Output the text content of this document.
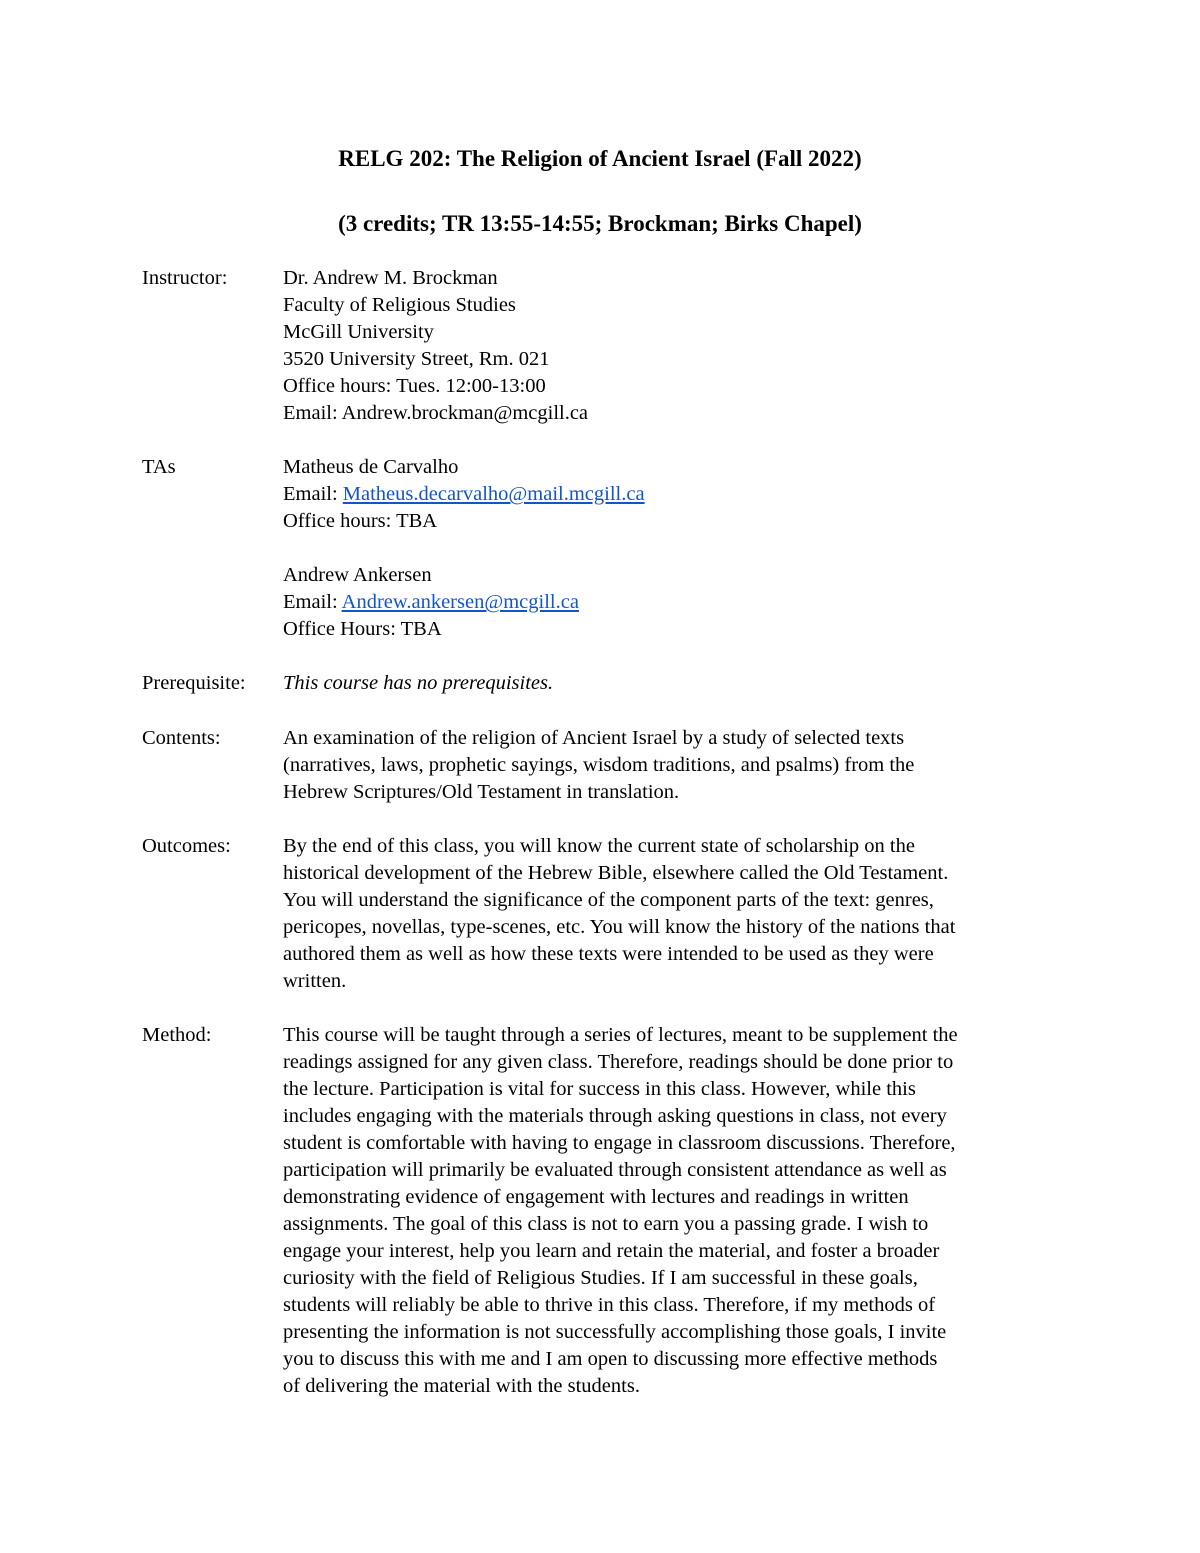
RELG 202: The Religion of Ancient Israel (Fall 2022)
(3 credits; TR 13:55-14:55; Brockman; Birks Chapel)
Instructor:	Dr. Andrew M. Brockman
Faculty of Religious Studies
McGill University
3520 University Street, Rm. 021
Office hours: Tues. 12:00-13:00
Email: Andrew.brockman@mcgill.ca
TAs	Matheus de Carvalho
Email: Matheus.decarvalho@mail.mcgill.ca
Office hours: TBA
Andrew Ankersen
Email: Andrew.ankersen@mcgill.ca
Office Hours: TBA
Prerequisite:	This course has no prerequisites.
Contents:	An examination of the religion of Ancient Israel by a study of selected texts
(narratives, laws, prophetic sayings, wisdom traditions, and psalms) from the
Hebrew Scriptures/Old Testament in translation.
Outcomes:	By the end of this class, you will know the current state of scholarship on the
historical development of the Hebrew Bible, elsewhere called the Old Testament.
You will understand the significance of the component parts of the text: genres,
pericopes, novellas, type-scenes, etc. You will know the history of the nations that
authored them as well as how these texts were intended to be used as they were
written.
Method:	This course will be taught through a series of lectures, meant to be supplement the
readings assigned for any given class. Therefore, readings should be done prior to
the lecture. Participation is vital for success in this class. However, while this
includes engaging with the materials through asking questions in class, not every
student is comfortable with having to engage in classroom discussions. Therefore,
participation will primarily be evaluated through consistent attendance as well as
demonstrating evidence of engagement with lectures and readings in written
assignments. The goal of this class is not to earn you a passing grade. I wish to
engage your interest, help you learn and retain the material, and foster a broader
curiosity with the field of Religious Studies. If I am successful in these goals,
students will reliably be able to thrive in this class. Therefore, if my methods of
presenting the information is not successfully accomplishing those goals, I invite
you to discuss this with me and I am open to discussing more effective methods
of delivering the material with the students.
